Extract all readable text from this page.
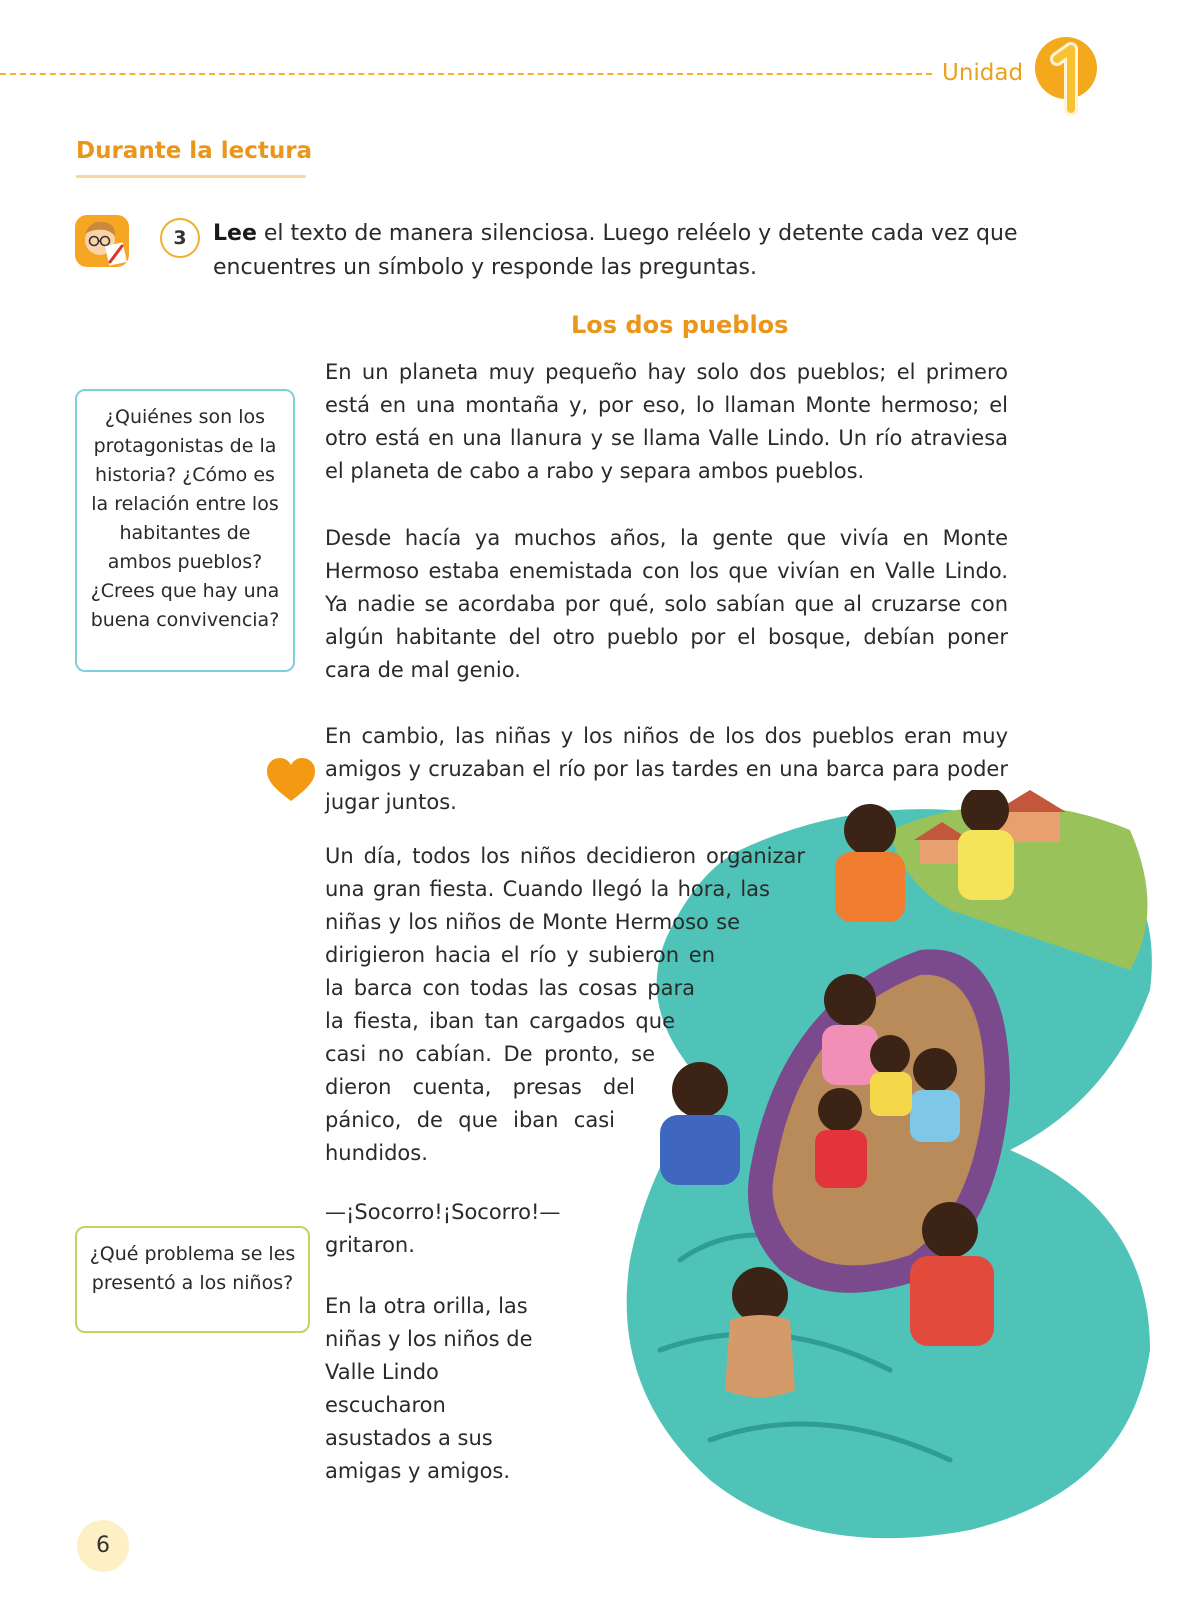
Unidad
Durante la lectura
3	Lee el texto de manera silenciosa. Luego reléelo y detente cada vez que encuentres un símbolo y responde las preguntas.
Los dos pueblos
En un planeta muy pequeño hay solo dos pueblos; el primero está en una montaña y, por eso, lo llaman Monte hermoso; el otro está en una llanura y se llama Valle Lindo. Un río atraviesa el planeta de cabo a rabo y separa ambos pueblos.
Desde hacía ya muchos años, la gente que vivía en Monte Hermoso estaba enemistada con los que vivían en Valle Lindo. Ya nadie se acordaba por qué, solo sabían que al cruzarse con algún habitante del otro pueblo por el bosque, debían poner cara de mal genio.
En cambio, las niñas y los niños de los dos pueblos eran muy amigos y cruzaban el río por las tardes en una barca para poder jugar juntos.
Un día, todos los niños decidieron organizar
una gran fiesta. Cuando llegó la hora, las
niñas y los niños de Monte Hermoso se
dirigieron hacia el río y subieron en
la barca con todas las cosas para
la fiesta, iban tan cargados que
casi no cabían. De pronto, se
dieron cuenta, presas del
pánico, de que iban casi
hundidos.
—¡Socorro!¡Socorro!—
gritaron.
En la otra orilla, las niñas y los niños de Valle Lindo escucharon asustados a sus amigas y amigos.
¿Quiénes son los protagonistas de la historia? ¿Cómo es la relación entre los habitantes de ambos pueblos? ¿Crees que hay una buena convivencia?
¿Qué problema se les presentó a los niños?
6
